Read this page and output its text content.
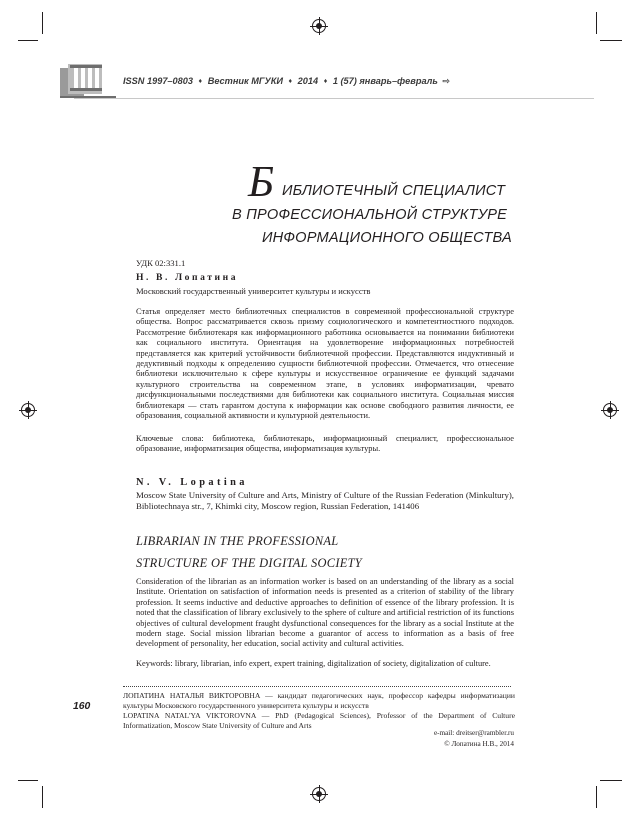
ISSN 1997–0803 ♦ Вестник МГУКИ ♦ 2014 ♦ 1 (57) январь–февраль ⇨
Б ИБЛИОТЕЧНЫЙ СПЕЦИАЛИСТ
В ПРОФЕССИОНАЛЬНОЙ СТРУКТУРЕ
ИНФОРМАЦИОННОГО ОБЩЕСТВА
УДК 02:331.1
Н. В. Лопатина
Московский государственный университет культуры и искусств
Статья определяет место библиотечных специалистов в современной профессиональной структуре общества. Вопрос рассматривается сквозь призму социологического и компетентностного подходов. Рассмотрение библиотекаря как информационного работника основывается на понимании библиотеки как социального института. Ориентация на удовлетворение информационных потребностей представляется как критерий устойчивости библиотечной профессии. Представляются индуктивный и дедуктивный подходы к определению сущности библиотечной профессии. Отмечается, что отнесение библиотеки исключительно к сфере культуры и искусственное ограничение ее функций задачами культурного строительства на современном этапе, в условиях информатизации, чревато дисфункциональными последствиями для библиотеки как социального института. Социальная миссия библиотекаря — стать гарантом доступа к информации как основе свободного развития личности, ее образования, социальной активности и культурной деятельности.
Ключевые слова: библиотека, библиотекарь, информационный специалист, профессиональное образование, информатизация общества, информатизация культуры.
N. V. Lopatina
Moscow State University of Culture and Arts, Ministry of Culture of the Russian Federation (Minkultury), Bibliotechnaya str., 7, Khimki city, Moscow region, Russian Federation, 141406
LIBRARIAN IN THE PROFESSIONAL
STRUCTURE OF THE DIGITAL SOCIETY
Consideration of the librarian as an information worker is based on an understanding of the library as a social Institute. Orientation on satisfaction of information needs is presented as a criterion of stability of the library profession. It seems inductive and deductive approaches to definition of essence of the library profession. It is noted that the classification of library exclusively to the sphere of culture and artificial restriction of its functions objectives of cultural development fraught dysfunctional consequences for the library as a social Institute at the modern stage. Social mission librarian become a guarantor of access to information as a basis of free development of personality, her education, social activity and cultural activities.
Keywords: library, librarian, info expert, expert training, digitalization of society, digitalization of culture.
160
ЛОПАТИНА НАТАЛЬЯ ВИКТОРОВНА — кандидат педагогических наук, профессор кафедры информатизации культуры Московского государственного университета культуры и искусств
LOPATINA NATAL'YA VIKTOROVNA — PhD (Pedagogical Sciences), Professor of the Department of Culture Informatization, Moscow State University of Culture and Arts
e-mail: dreitser@rambler.ru
© Лопатина Н.В., 2014
